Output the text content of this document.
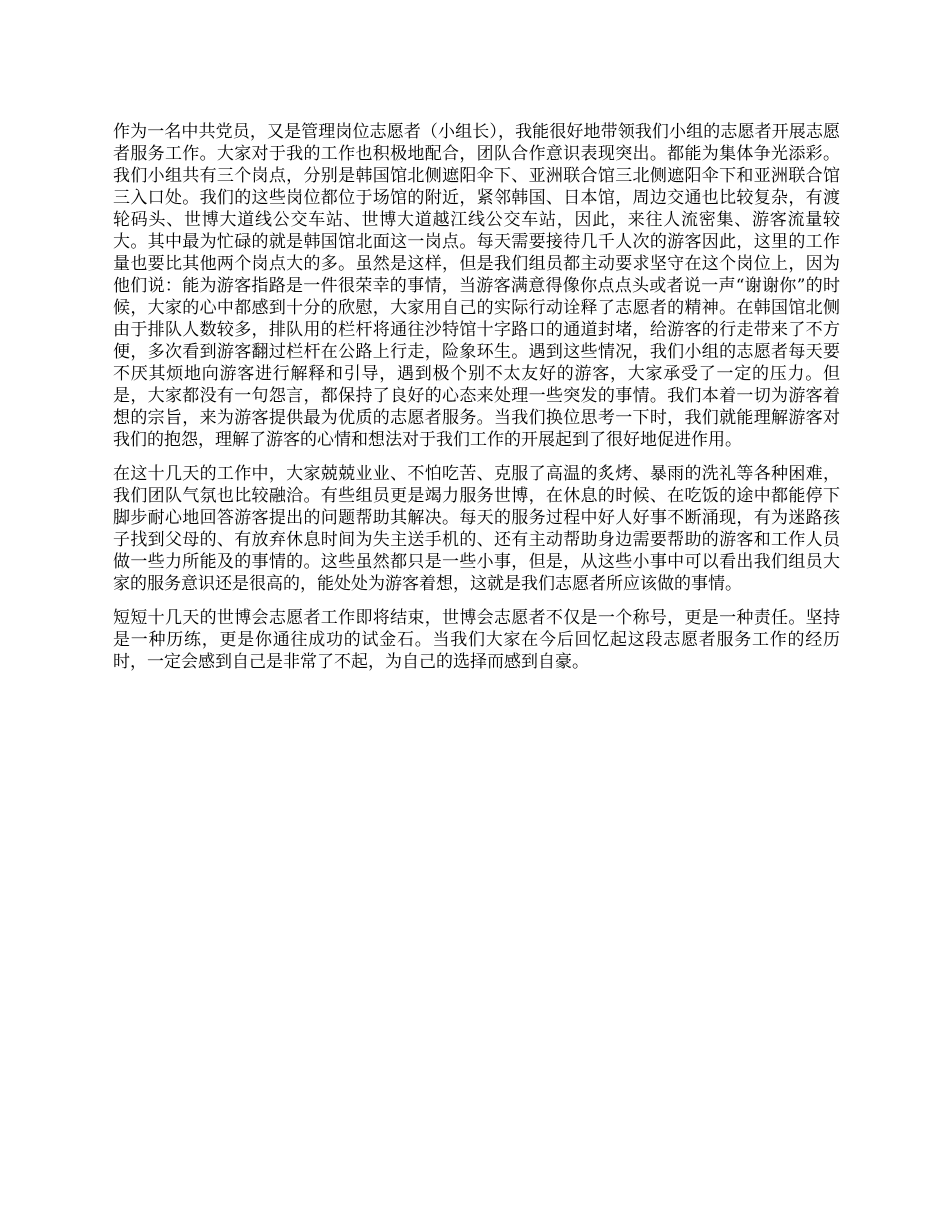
作为一名中共党员，又是管理岗位志愿者（小组长），我能很好地带领我们小组的志愿者开展志愿者服务工作。大家对于我的工作也积极地配合，团队合作意识表现突出。都能为集体争光添彩。我们小组共有三个岗点，分别是韩国馆北侧遮阳伞下、亚洲联合馆三北侧遮阳伞下和亚洲联合馆三入口处。我们的这些岗位都位于场馆的附近，紧邻韩国、日本馆，周边交通也比较复杂，有渡轮码头、世博大道线公交车站、世博大道越江线公交车站，因此，来往人流密集、游客流量较大。其中最为忙碌的就是韩国馆北面这一岗点。每天需要接待几千人次的游客因此，这里的工作量也要比其他两个岗点大的多。虽然是这样，但是我们组员都主动要求坚守在这个岗位上，因为他们说：能为游客指路是一件很荣幸的事情，当游客满意得像你点点头或者说一声“谢谢你”的时候，大家的心中都感到十分的欣慰，大家用自己的实际行动诠释了志愿者的精神。在韩国馆北侧由于排队人数较多，排队用的栏杆将通往沙特馆十字路口的通道封堵，给游客的行走带来了不方便，多次看到游客翻过栏杆在公路上行走，险象环生。遇到这些情况，我们小组的志愿者每天要不厌其烦地向游客进行解释和引导，遇到极个别不太友好的游客，大家承受了一定的压力。但是，大家都没有一句怨言，都保持了良好的心态来处理一些突发的事情。我们本着一切为游客着想的宗旨，来为游客提供最为优质的志愿者服务。当我们换位思考一下时，我们就能理解游客对我们的抱怨，理解了游客的心情和想法对于我们工作的开展起到了很好地促进作用。

在这十几天的工作中，大家兢兢业业、不怕吃苦、克服了高温的炙烤、暴雨的洗礼等各种困难，我们团队气氛也比较融洽。有些组员更是竭力服务世博，在休息的时候、在吃饭的途中都能停下脚步耐心地回答游客提出的问题帮助其解决。每天的服务过程中好人好事不断涌现，有为迷路孩子找到父母的、有放弃休息时间为失主送手机的、还有主动帮助身边需要帮助的游客和工作人员做一些力所能及的事情的。这些虽然都只是一些小事，但是，从这些小事中可以看出我们组员大家的服务意识还是很高的，能处处为游客着想，这就是我们志愿者所应该做的事情。

短短十几天的世博会志愿者工作即将结束，世博会志愿者不仅是一个称号，更是一种责任。坚持是一种历练，更是你通往成功的试金石。当我们大家在今后回忆起这段志愿者服务工作的经历时，一定会感到自己是非常了不起，为自己的选择而感到自豪。
